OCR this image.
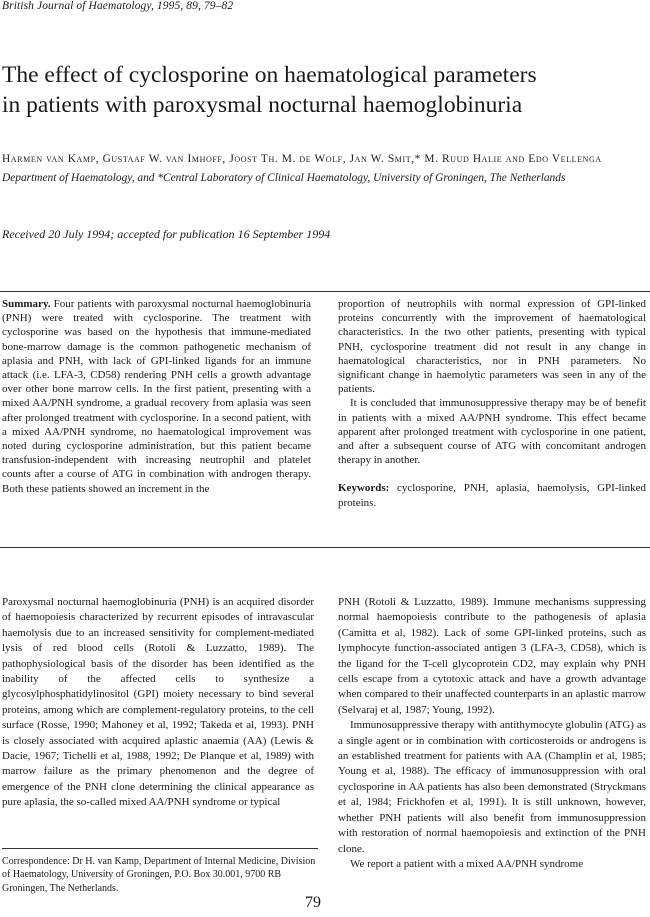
British Journal of Haematology, 1995, 89, 79–82
The effect of cyclosporine on haematological parameters
in patients with paroxysmal nocturnal haemoglobinuria
Harmen van Kamp, Gustaaf W. van Imhoff, Joost Th. M. de Wolf, Jan W. Smit,* M. Ruud Halie and Edo Vellenga Department of Haematology, and *Central Laboratory of Clinical Haematology, University of Groningen, The Netherlands
Received 20 July 1994; accepted for publication 16 September 1994

Summary. Four patients with paroxysmal nocturnal haemoglobinuria (PNH) were treated with cyclosporine. The treatment with cyclosporine was based on the hypothesis that immune-mediated bone-marrow damage is the common pathogenetic mechanism of aplasia and PNH, with lack of GPI-linked ligands for an immune attack (i.e. LFA-3, CD58) rendering PNH cells a growth advantage over other bone marrow cells. In the first patient, presenting with a mixed AA/PNH syndrome, a gradual recovery from aplasia was seen after prolonged treatment with cyclosporine. In a second patient, with a mixed AA/PNH syndrome, no haematological improvement was noted during cyclosporine administration, but this patient became transfusion-independent with increasing neutrophil and platelet counts after a course of ATG in combination with androgen therapy. Both these patients showed an increment in the

proportion of neutrophils with normal expression of GPI-linked proteins concurrently with the improvement of haematological characteristics. In the two other patients, presenting with typical PNH, cyclosporine treatment did not result in any change in haematological characteristics, nor in PNH parameters. No significant change in haemolytic parameters was seen in any of the patients.

It is concluded that immunosuppressive therapy may be of benefit in patients with a mixed AA/PNH syndrome. This effect became apparent after prolonged treatment with cyclosporine in one patient, and after a subsequent course of ATG with concomitant androgen therapy in another.

Keywords: cyclosporine, PNH, aplasia, haemolysis, GPI-linked proteins.

Paroxysmal nocturnal haemoglobinuria (PNH) is an acquired disorder of haemopoiesis characterized by recurrent episodes of intravascular haemolysis due to an increased sensitivity for complement-mediated lysis of red blood cells (Rotoli & Luzzatto, 1989). The pathophysiological basis of the disorder has been identified as the inability of the affected cells to synthesize a glycosylphosphatidylinositol (GPI) moiety necessary to bind several proteins, among which are complement-regulatory proteins, to the cell surface (Rosse, 1990; Mahoney et al, 1992; Takeda et al, 1993). PNH is closely associated with acquired aplastic anaemia (AA) (Lewis & Dacie, 1967; Tichelli et al, 1988, 1992; De Planque et al, 1989) with marrow failure as the primary phenomenon and the degree of emergence of the PNH clone determining the clinical appearance as pure aplasia, the so-called mixed AA/PNH syndrome or typical

PNH (Rotoli & Luzzatto, 1989). Immune mechanisms suppressing normal haemopoiesis contribute to the pathogenesis of aplasia (Camitta et al, 1982). Lack of some GPI-linked proteins, such as lymphocyte function-associated antigen 3 (LFA-3, CD58), which is the ligand for the T-cell glycoprotein CD2, may explain why PNH cells escape from a cytotoxic attack and have a growth advantage when compared to their unaffected counterparts in an aplastic marrow (Selvaraj et al, 1987; Young, 1992).

Immunosuppressive therapy with antithymocyte globulin (ATG) as a single agent or in combination with corticosteroids or androgens is an established treatment for patients with AA (Champlin et al, 1985; Young et al, 1988). The efficacy of immunosuppression with oral cyclosporine in AA patients has also been demonstrated (Stryckmans et al, 1984; Frickhofen et al, 1991). It is still unknown, however, whether PNH patients will also benefit from immunosuppression with restoration of normal haemopoiesis and extinction of the PNH clone.

We report a patient with a mixed AA/PNH syndrome

Correspondence: Dr H. van Kamp, Department of Internal Medicine, Division of Haematology, University of Groningen, P.O. Box 30.001, 9700 RB Groningen, The Netherlands.
79
